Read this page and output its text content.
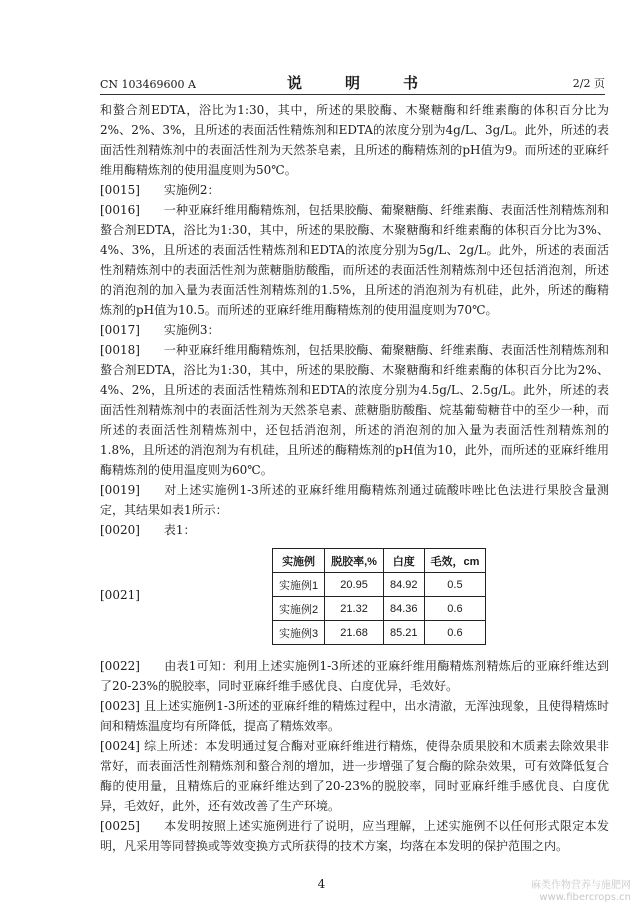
CN 103469600 A	说　明　书	2/2 页

和螯合剂EDTA，浴比为1:30，其中，所述的果胶酶、木聚糖酶和纤维素酶的体积百分比为2%、2%、3%，且所述的表面活性精炼剂和EDTA的浓度分别为4g/L、3g/L。此外，所述的表面活性剂精炼剂中的表面活性剂为天然茶皂素，且所述的酶精炼剂的pH值为9。而所述的亚麻纤维用酶精炼剂的使用温度则为50℃。

[0015] 实施例2：

[0016] 一种亚麻纤维用酶精炼剂，包括果胶酶、葡聚糖酶、纤维素酶、表面活性剂精炼剂和螯合剂EDTA，浴比为1:30，其中，所述的果胶酶、木聚糖酶和纤维素酶的体积百分比为3%、4%、3%，且所述的表面活性精炼剂和EDTA的浓度分别为5g/L、2g/L。此外，所述的表面活性剂精炼剂中的表面活性剂为蔗糖脂肪酸酯，而所述的表面活性剂精炼剂中还包括消泡剂，所述的消泡剂的加入量为表面活性剂精炼剂的1.5%，且所述的消泡剂为有机硅，此外，所述的酶精炼剂的pH值为10.5。而所述的亚麻纤维用酶精炼剂的使用温度则为70℃。

[0017] 实施例3：

[0018] 一种亚麻纤维用酶精炼剂，包括果胶酶、葡聚糖酶、纤维素酶、表面活性剂精炼剂和螯合剂EDTA，浴比为1:30，其中，所述的果胶酶、木聚糖酶和纤维素酶的体积百分比为2%、4%、2%，且所述的表面活性精炼剂和EDTA的浓度分别为4.5g/L、2.5g/L。此外，所述的表面活性剂精炼剂中的表面活性剂为天然茶皂素、蔗糖脂肪酸酯、烷基葡萄糖苷中的至少一种，而所述的表面活性剂精炼剂中，还包括消泡剂，所述的消泡剂的加入量为表面活性剂精炼剂的1.8%，且所述的消泡剂为有机硅，且所述的酶精炼剂的pH值为10，此外，而所述的亚麻纤维用酶精炼剂的使用温度则为60℃。

[0019] 对上述实施例1-3所述的亚麻纤维用酶精炼剂通过硫酸咔唑比色法进行果胶含量测定，其结果如表1所示：

[0020] 表1：

[0021]
实施例	脱胶率,%	白度	毛效，cm
实施例1	20.95	84.92	0.5
实施例2	21.32	84.36	0.6
实施例3	21.68	85.21	0.6

[0022] 由表1可知：利用上述实施例1-3所述的亚麻纤维用酶精炼剂精炼后的亚麻纤维达到了20-23%的脱胶率，同时亚麻纤维手感优良、白度优异，毛效好。

[0023] 且上述实施例1-3所述的亚麻纤维的精炼过程中，出水清澈，无浑浊现象，且使得精炼时间和精炼温度均有所降低，提高了精炼效率。

[0024] 综上所述：本发明通过复合酶对亚麻纤维进行精炼，使得杂质果胶和木质素去除效果非常好，而表面活性剂精炼剂和螯合剂的增加，进一步增强了复合酶的除杂效果，可有效降低复合酶的使用量，且精炼后的亚麻纤维达到了20-23%的脱胶率，同时亚麻纤维手感优良、白度优异，毛效好，此外，还有效改善了生产环境。

[0025] 本发明按照上述实施例进行了说明，应当理解，上述实施例不以任何形式限定本发明，凡采用等同替换或等效变换方式所获得的技术方案，均落在本发明的保护范围之内。

4	麻类作物营养与施肥网
www.fibercrops.cn
